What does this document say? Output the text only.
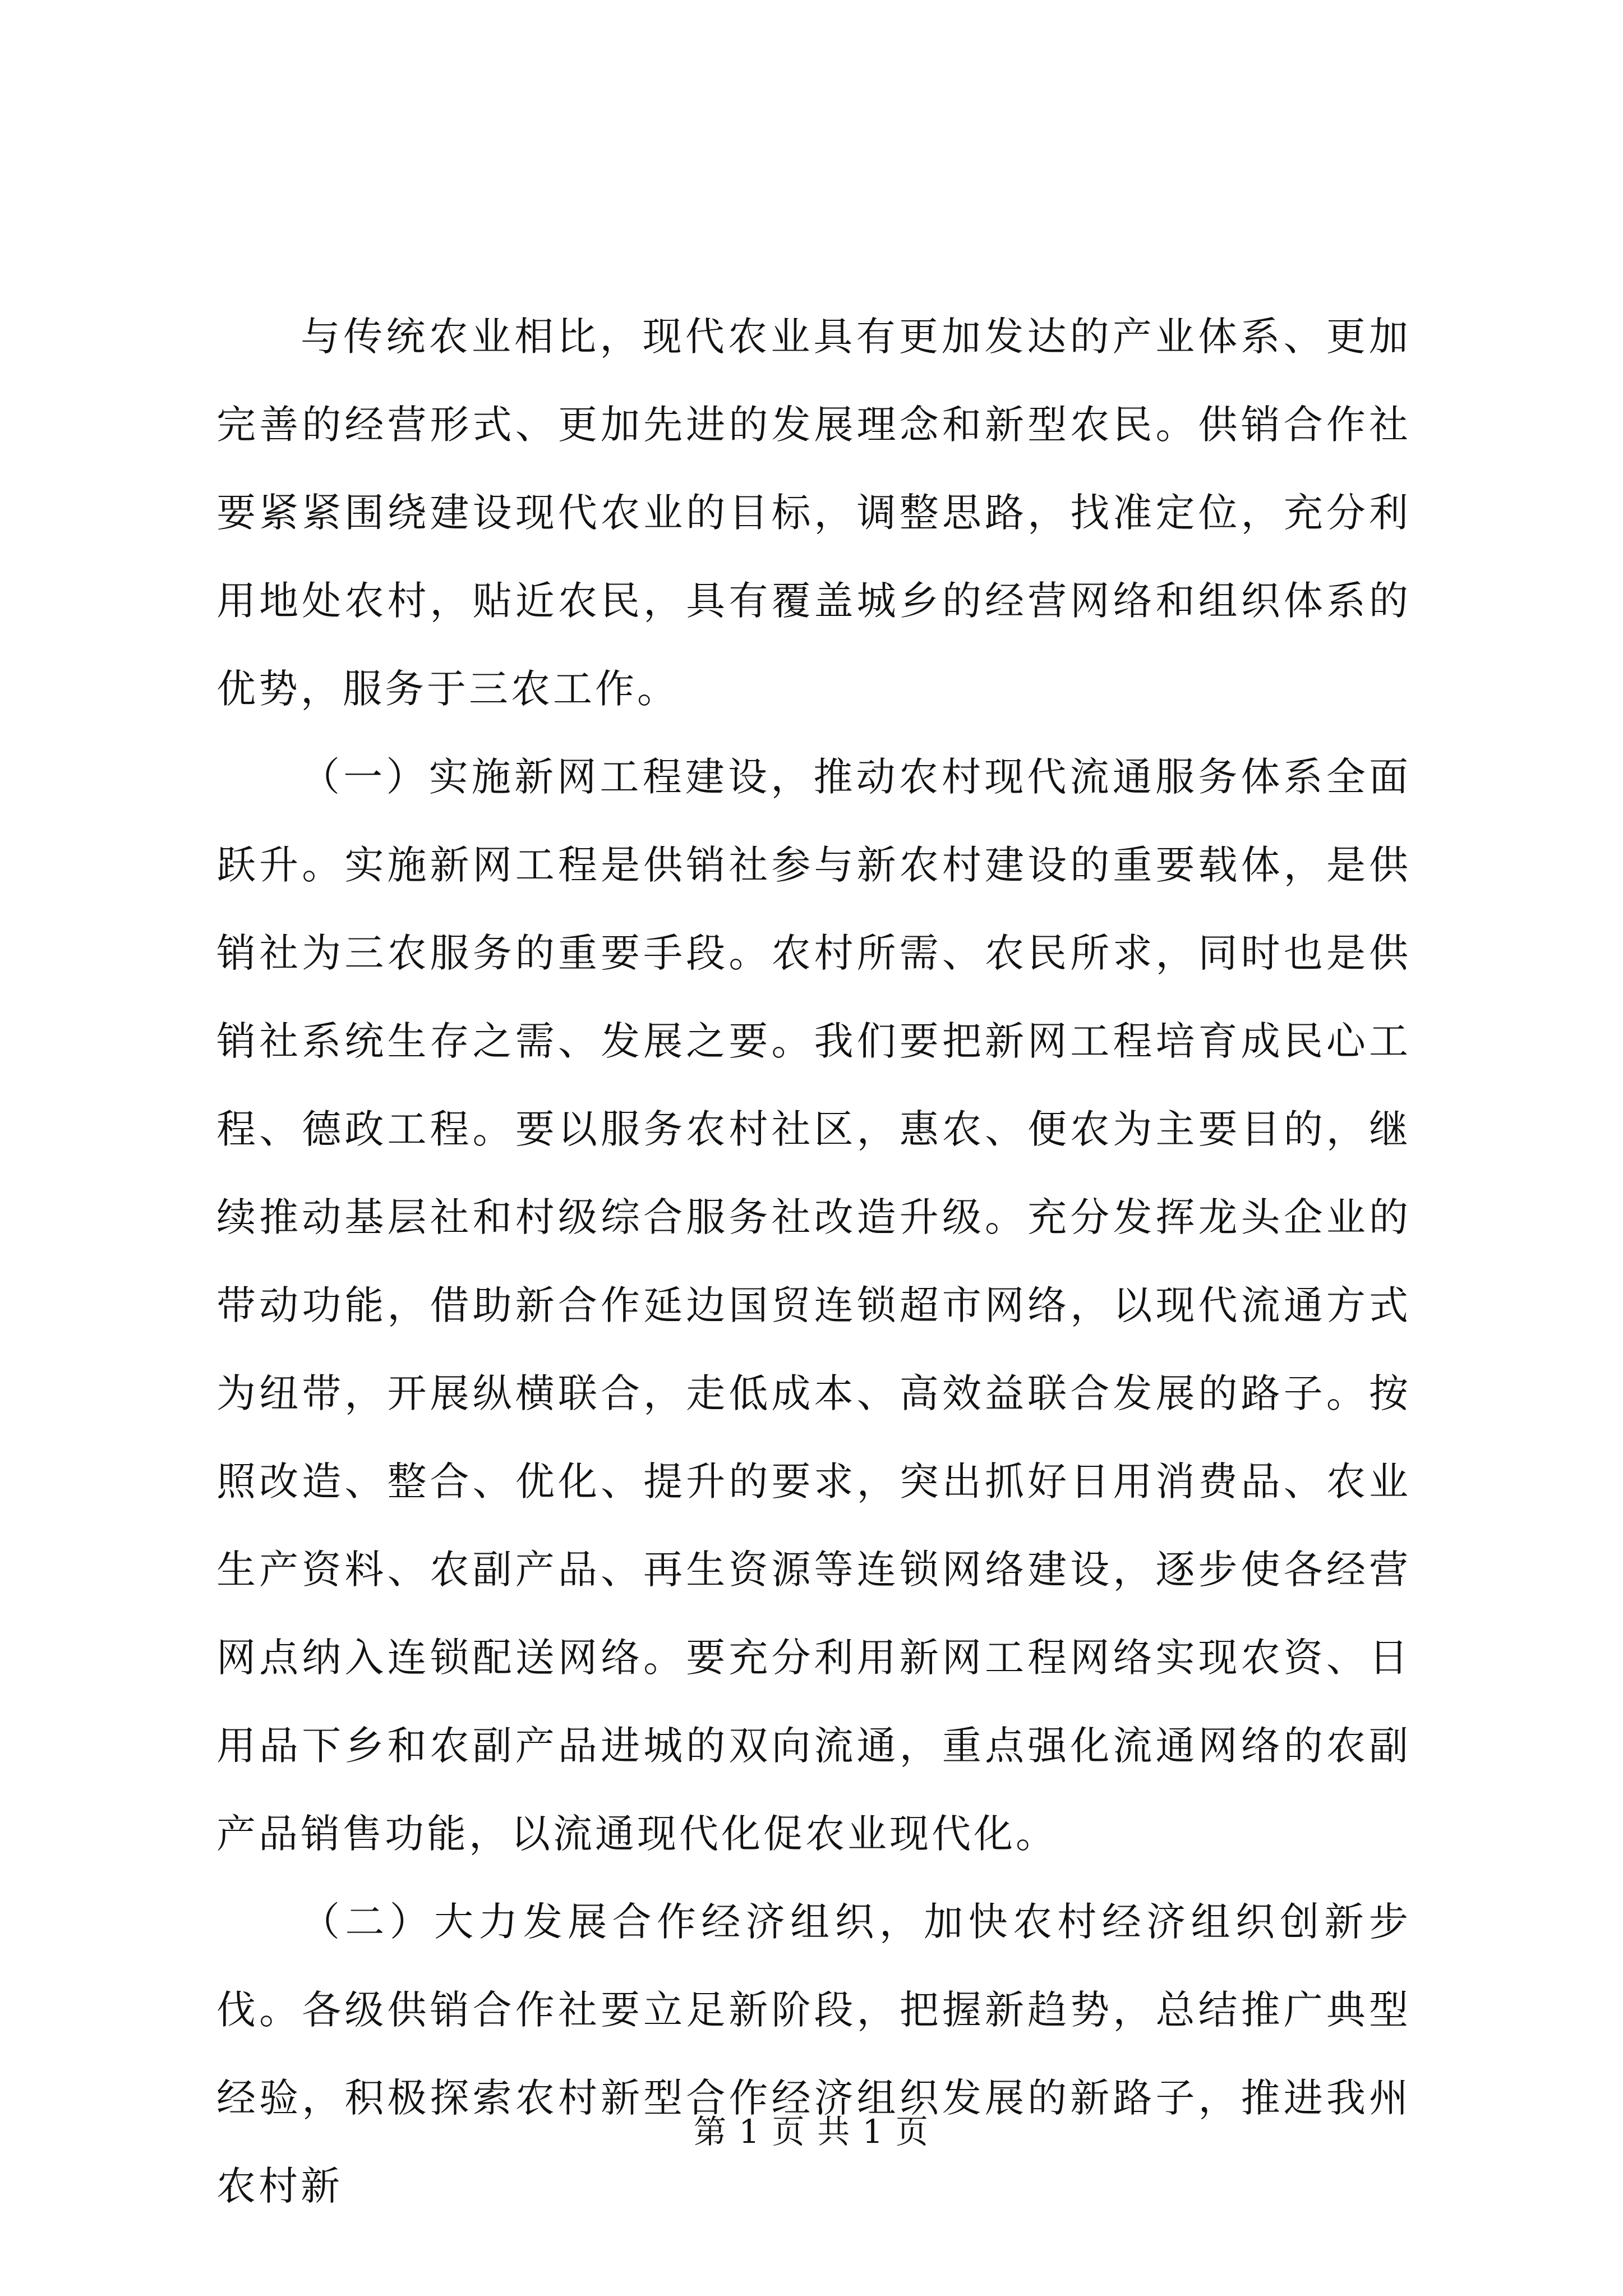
与传统农业相比，现代农业具有更加发达的产业体系、更加完善的经营形式、更加先进的发展理念和新型农民。供销合作社要紧紧围绕建设现代农业的目标，调整思路，找准定位，充分利用地处农村，贴近农民，具有覆盖城乡的经营网络和组织体系的优势，服务于三农工作。

（一）实施新网工程建设，推动农村现代流通服务体系全面跃升。实施新网工程是供销社参与新农村建设的重要载体，是供销社为三农服务的重要手段。农村所需、农民所求，同时也是供销社系统生存之需、发展之要。我们要把新网工程培育成民心工程、德政工程。要以服务农村社区，惠农、便农为主要目的，继续推动基层社和村级综合服务社改造升级。充分发挥龙头企业的带动功能，借助新合作延边国贸连锁超市网络，以现代流通方式为纽带，开展纵横联合，走低成本、高效益联合发展的路子。按照改造、整合、优化、提升的要求，突出抓好日用消费品、农业生产资料、农副产品、再生资源等连锁网络建设，逐步使各经营网点纳入连锁配送网络。要充分利用新网工程网络实现农资、日用品下乡和农副产品进城的双向流通，重点强化流通网络的农副产品销售功能，以流通现代化促农业现代化。

（二）大力发展合作经济组织，加快农村经济组织创新步伐。各级供销合作社要立足新阶段，把握新趋势，总结推广典型经验，积极探索农村新型合作经济组织发展的新路子，推进我州农村新

第 1 页 共 1 页
